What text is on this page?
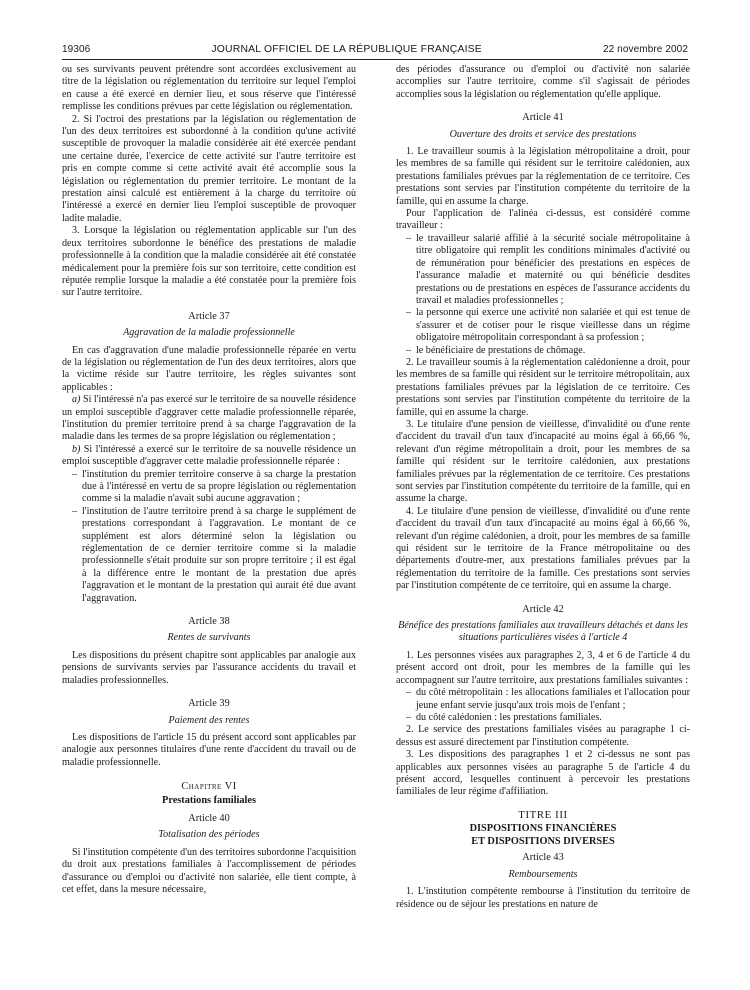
19306	JOURNAL OFFICIEL DE LA RÉPUBLIQUE FRANÇAISE	22 novembre 2002

ou ses survivants peuvent prétendre sont accordées exclusivement au titre de la législation ou réglementation du territoire sur lequel l'emploi en cause a été exercé en dernier lieu, et sous réserve que l'intéressé remplisse les conditions prévues par cette législation ou réglementation.

2. Si l'octroi des prestations par la législation ou réglementation de l'un des deux territoires est subordonné à la condition qu'une activité susceptible de provoquer la maladie considérée ait été exercée pendant une certaine durée, l'exercice de cette activité sur l'autre territoire est pris en compte comme si cette activité avait été accomplie sous la législation ou réglementation du premier territoire. Le montant de la prestation ainsi calculé est entièrement à la charge du territoire où l'intéressé a exercé en dernier lieu l'emploi susceptible de provoquer ladite maladie.

3. Lorsque la législation ou réglementation applicable sur l'un des deux territoires subordonne le bénéfice des prestations de maladie professionnelle à la condition que la maladie considérée ait été constatée médicalement pour la première fois sur son territoire, cette condition est réputée remplie lorsque la maladie a été constatée pour la première fois sur l'autre territoire.

Article 37
Aggravation de la maladie professionnelle

En cas d'aggravation d'une maladie professionnelle réparée en vertu de la législation ou réglementation de l'un des deux territoires, alors que la victime réside sur l'autre territoire, les règles suivantes sont applicables :

a) Si l'intéressé n'a pas exercé sur le territoire de sa nouvelle résidence un emploi susceptible d'aggraver cette maladie professionnelle réparée, l'institution du premier territoire prend à sa charge l'aggravation de la maladie dans les termes de sa propre législation ou réglementation ;

b) Si l'intéressé a exercé sur le territoire de sa nouvelle résidence un emploi susceptible d'aggraver cette maladie professionnelle réparée :

– l'institution du premier territoire conserve à sa charge la prestation due à l'intéressé en vertu de sa propre législation ou réglementation comme si la maladie n'avait subi aucune aggravation ;
– l'institution de l'autre territoire prend à sa charge le supplément de prestations correspondant à l'aggravation. Le montant de ce supplément est alors déterminé selon la législation ou réglementation de ce dernier territoire comme si la maladie professionnelle s'était produite sur son propre territoire ; il est égal à la différence entre le montant de la prestation due après l'aggravation et le montant de la prestation qui aurait été due avant l'aggravation.
Article 38
Rentes de survivants

Les dispositions du présent chapitre sont applicables par analogie aux pensions de survivants servies par l'assurance accidents du travail et maladies professionnelles.

Article 39
Paiement des rentes

Les dispositions de l'article 15 du présent accord sont applicables par analogie aux personnes titulaires d'une rente d'accident du travail ou de maladie professionnelle.

Chapitre VI
Prestations familiales
Article 40
Totalisation des périodes

Si l'institution compétente d'un des territoires subordonne l'acquisition du droit aux prestations familiales à l'accomplissement de périodes d'assurance ou d'emploi ou d'activité non salariée, elle tient compte, à cet effet, dans la mesure nécessaire,

des périodes d'assurance ou d'emploi ou d'activité non salariée accomplies sur l'autre territoire, comme s'il s'agissait de périodes accomplies sous la législation ou réglementation qu'elle applique.

Article 41
Ouverture des droits et service des prestations

1. Le travailleur soumis à la législation métropolitaine a droit, pour les membres de sa famille qui résident sur le territoire calédonien, aux prestations familiales prévues par la réglementation de ce territoire. Ces prestations sont servies par l'institution compétente du territoire de la famille, qui en assume la charge.

Pour l'application de l'alinéa ci-dessus, est considéré comme travailleur :

– le travailleur salarié affilié à la sécurité sociale métropolitaine à titre obligatoire qui remplit les conditions minimales d'activité ou de rémunération pour bénéficier des prestations en espèces de l'assurance maladie et maternité ou qui bénéficie desdites prestations ou de prestations en espèces de l'assurance accidents du travail et maladies professionnelles ;
– la personne qui exerce une activité non salariée et qui est tenue de s'assurer et de cotiser pour le risque vieillesse dans un régime obligatoire métropolitain correspondant à sa profession ;
– le bénéficiaire de prestations de chômage.

2. Le travailleur soumis à la réglementation calédonienne a droit, pour les membres de sa famille qui résident sur le territoire métropolitain, aux prestations familiales prévues par la législation de ce territoire. Ces prestations sont servies par l'institution compétente du territoire de la famille, qui en assume la charge.

3. Le titulaire d'une pension de vieillesse, d'invalidité ou d'une rente d'accident du travail d'un taux d'incapacité au moins égal à 66,66 %, relevant d'un régime métropolitain a droit, pour les membres de sa famille qui résident sur le territoire calédonien, aux prestations familiales prévues par la réglementation de ce territoire. Ces prestations sont servies par l'institution compétente du territoire de la famille, qui en assume la charge.

4. Le titulaire d'une pension de vieillesse, d'invalidité ou d'une rente d'accident du travail d'un taux d'incapacité au moins égal à 66,66 %, relevant d'un régime calédonien, a droit, pour les membres de sa famille qui résident sur le territoire de la France métropolitaine ou des départements d'outre-mer, aux prestations familiales prévues par la réglementation du territoire de la famille. Ces prestations sont servies par l'institution compétente de ce territoire, qui en assume la charge.

Article 42
Bénéfice des prestations familiales aux travailleurs détachés et dans les situations particulières visées à l'article 4

1. Les personnes visées aux paragraphes 2, 3, 4 et 6 de l'article 4 du présent accord ont droit, pour les membres de la famille qui les accompagnent sur l'autre territoire, aux prestations familiales suivantes :

– du côté métropolitain : les allocations familiales et l'allocation pour jeune enfant servie jusqu'aux trois mois de l'enfant ;
– du côté calédonien : les prestations familiales.

2. Le service des prestations familiales visées au paragraphe 1 ci-dessus est assuré directement par l'institution compétente.

3. Les dispositions des paragraphes 1 et 2 ci-dessus ne sont pas applicables aux personnes visées au paragraphe 5 de l'article 4 du présent accord, lesquelles continuent à percevoir les prestations familiales de leur régime d'affiliation.

TITRE III
DISPOSITIONS FINANCIÈRES
ET DISPOSITIONS DIVERSES
Article 43
Remboursements

1. L'institution compétente rembourse à l'institution du territoire de résidence ou de séjour les prestations en nature de
